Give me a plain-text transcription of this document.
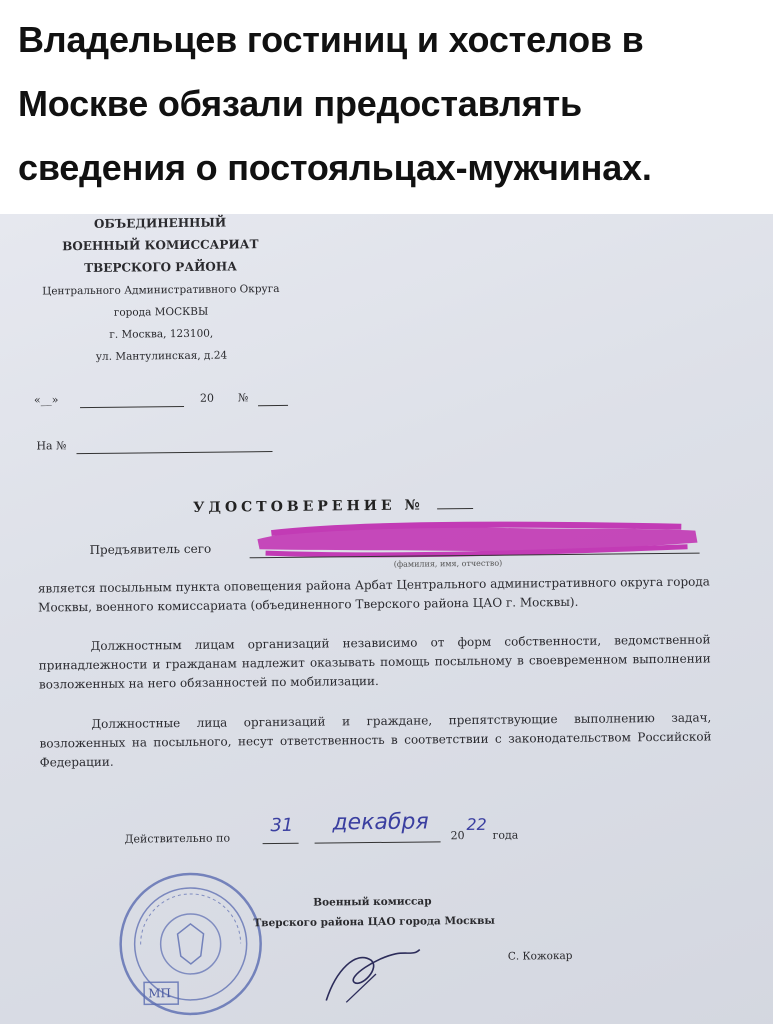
Владельцев гостиниц и хостелов в
Москве обязали предоставлять
сведения о постояльцах-мужчинах.
ОБЪЕДИНЕННЫЙ
ВОЕННЫЙ КОМИССАРИАТ
ТВЕРСКОГО РАЙОНА
Центрального Административного Округа
города МОСКВЫ
г. Москва, 123100,
ул. Мантулинская, д.24
«__»	20 №
На №
УДОСТОВЕРЕНИЕ №
Предъявитель сего
(фамилия, имя, отчество)
является посыльным пункта оповещения района Арбат Центрального административного округа города Москвы, военного комиссариата (объединенного Тверского района ЦАО г. Москвы).
Должностным лицам организаций независимо от форм собственности, ведомственной принадлежности и гражданам надлежит оказывать помощь посыльному в своевременном выполнении возложенных на него обязанностей по мобилизации.
Должностные лица организаций и граждане, препятствующие выполнению задач, возложенных на посыльного, несут ответственность в соответствии с законодательством Российской Федерации.
Действительно по
31 декабря
20
22
года
МП
Военный комиссар
Тверского района ЦАО города Москвы
С. Кожокар
